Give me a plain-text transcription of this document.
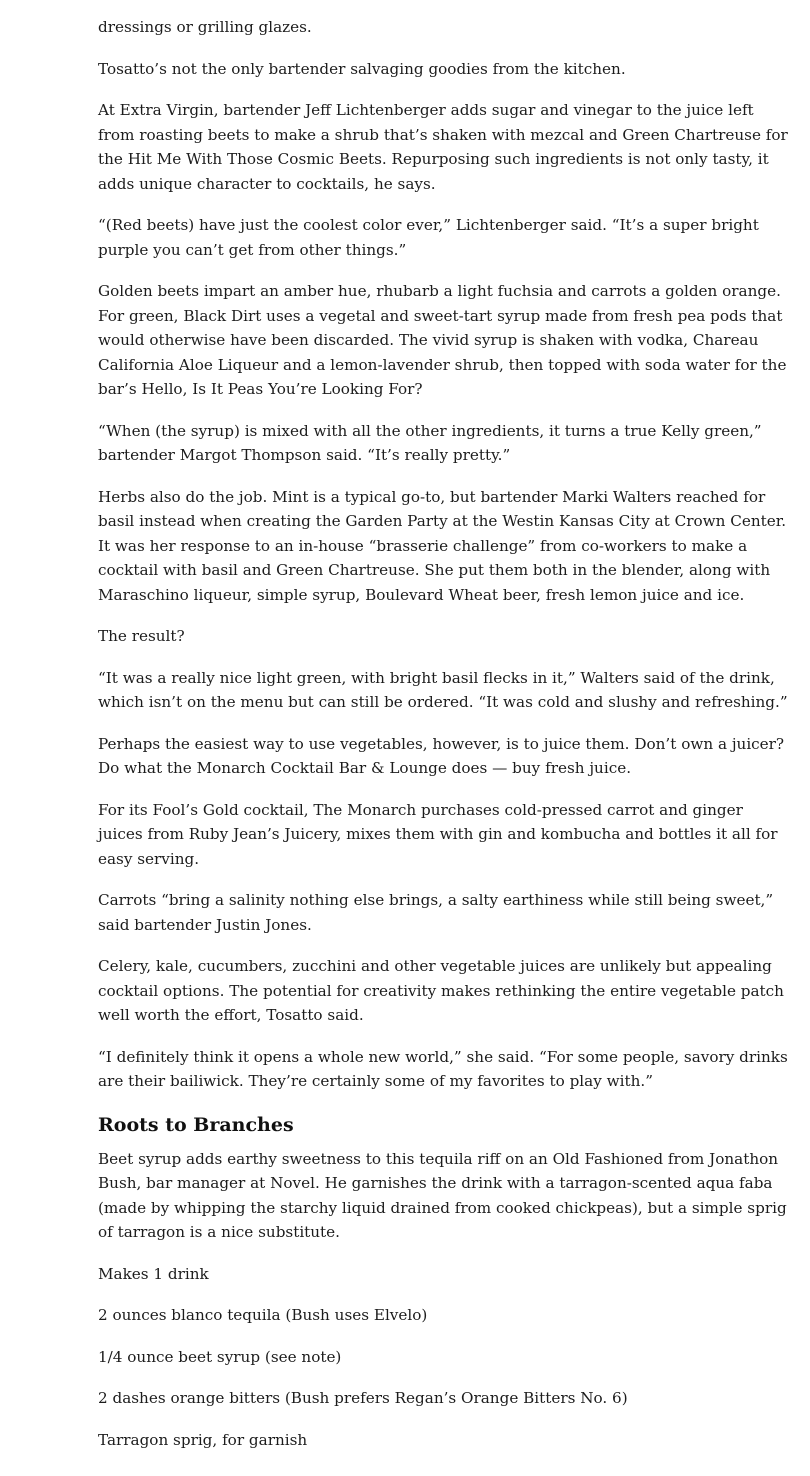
dressings or grilling glazes.

Tosatto’s not the only bartender salvaging goodies from the kitchen.

At Extra Virgin, bartender Jeff Lichtenberger adds sugar and vinegar to the juice left from roasting beets to make a shrub that’s shaken with mezcal and Green Chartreuse for the Hit Me With Those Cosmic Beets. Repurposing such ingredients is not only tasty, it adds unique character to cocktails, he says.

“(Red beets) have just the coolest color ever,” Lichtenberger said. “It’s a super bright purple you can’t get from other things.”

Golden beets impart an amber hue, rhubarb a light fuchsia and carrots a golden orange. For green, Black Dirt uses a vegetal and sweet-tart syrup made from fresh pea pods that would otherwise have been discarded. The vivid syrup is shaken with vodka, Chareau California Aloe Liqueur and a lemon-lavender shrub, then topped with soda water for the bar’s Hello, Is It Peas You’re Looking For?

“When (the syrup) is mixed with all the other ingredients, it turns a true Kelly green,” bartender Margot Thompson said. “It’s really pretty.”

Herbs also do the job. Mint is a typical go-to, but bartender Marki Walters reached for basil instead when creating the Garden Party at the Westin Kansas City at Crown Center. It was her response to an in-house “brasserie challenge” from co-workers to make a cocktail with basil and Green Chartreuse. She put them both in the blender, along with Maraschino liqueur, simple syrup, Boulevard Wheat beer, fresh lemon juice and ice.

The result?

“It was a really nice light green, with bright basil flecks in it,” Walters said of the drink, which isn’t on the menu but can still be ordered. “It was cold and slushy and refreshing.”

Perhaps the easiest way to use vegetables, however, is to juice them. Don’t own a juicer? Do what the Monarch Cocktail Bar & Lounge does — buy fresh juice.

For its Fool’s Gold cocktail, The Monarch purchases cold-pressed carrot and ginger juices from Ruby Jean’s Juicery, mixes them with gin and kombucha and bottles it all for easy serving.

Carrots “bring a salinity nothing else brings, a salty earthiness while still being sweet,” said bartender Justin Jones.

Celery, kale, cucumbers, zucchini and other vegetable juices are unlikely but appealing cocktail options. The potential for creativity makes rethinking the entire vegetable patch well worth the effort, Tosatto said.

“I definitely think it opens a whole new world,” she said. “For some people, savory drinks are their bailiwick. They’re certainly some of my favorites to play with.”

Roots to Branches

Beet syrup adds earthy sweetness to this tequila riff on an Old Fashioned from Jonathon Bush, bar manager at Novel. He garnishes the drink with a tarragon-scented aqua faba (made by whipping the starchy liquid drained from cooked chickpeas), but a simple sprig of tarragon is a nice substitute.

Makes 1 drink

2 ounces blanco tequila (Bush uses Elvelo)

1/4 ounce beet syrup (see note)

2 dashes orange bitters (Bush prefers Regan’s Orange Bitters No. 6)

Tarragon sprig, for garnish
